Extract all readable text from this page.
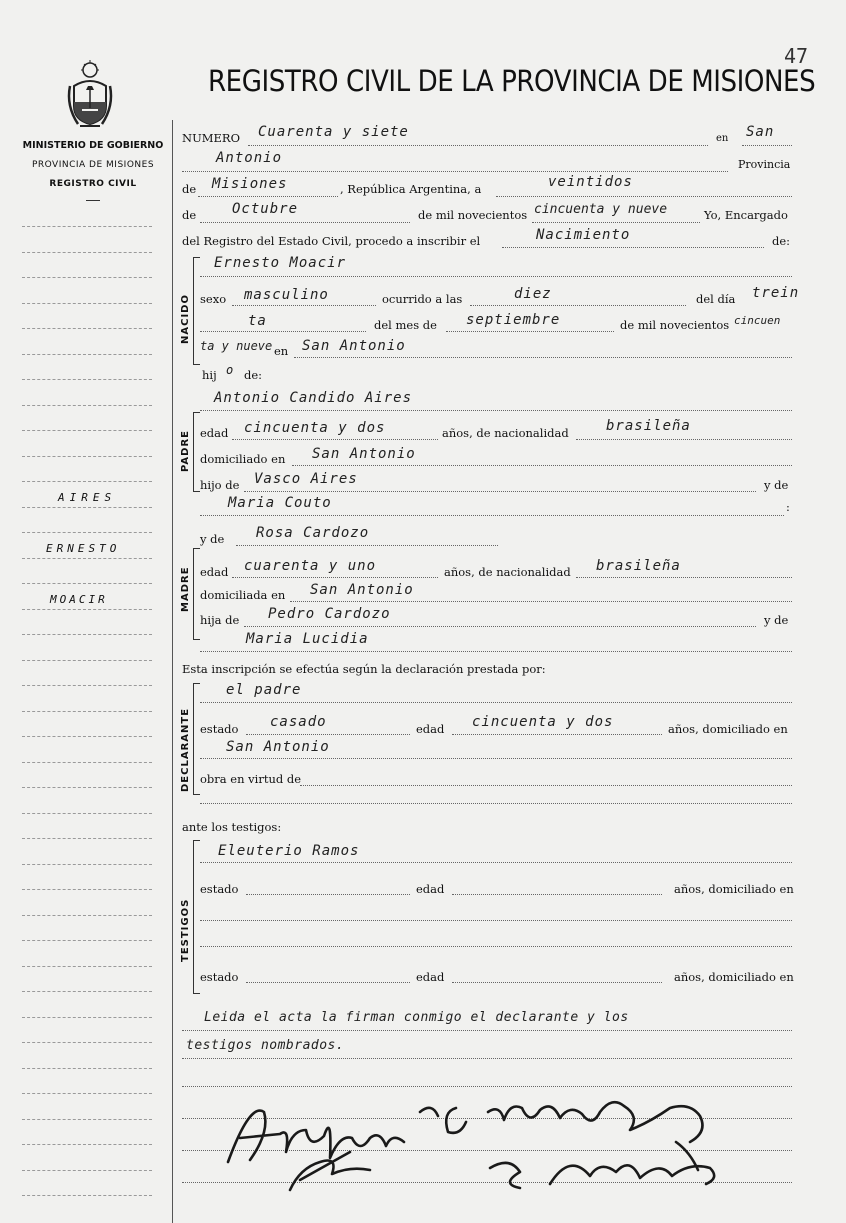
47
MINISTERIO DE GOBIERNO
PROVINCIA DE MISIONES
REGISTRO CIVIL
REGISTRO CIVIL DE LA PROVINCIA DE MISIONES
AIRES
ERNESTO
MOACIR
NUMERO Cuarenta y siete	en San
Antonio	Provincia
de Misiones	, República Argentina, a	veintidos
de	Octubre	de mil novecientos cincuenta y nueve	Yo, Encargado
del Registro del Estado Civil, procedo a inscribir el	Nacimiento	de:
NACIDO
Ernesto Moacir
sexo masculino	ocurrido a las	diez	del día trein
ta	del mes de septiembre	de mil novecientos cincuen
ta y nueve en San Antonio
hij o de:
PADRE
Antonio Candido Aires
edad cincuenta y dos	años, de nacionalidad	brasileña
domiciliado en San Antonio
hijo de Vasco Aires	y de
Maria Couto	:
MADRE
y de Rosa Cardozo
edad cuarenta y uno	años, de nacionalidad brasileña
domiciliada en San Antonio
hija de Pedro Cardozo	y de
Maria Lucidia
Esta inscripción se efectúa según la declaración prestada por:
DECLARANTE
el padre
estado casado	edad cincuenta y dos	años, domiciliado en
San Antonio
obra en virtud de
ante los testigos:
TESTIGOS
Eleuterio Ramos
estado	edad	años, domiciliado en
estado	edad	años, domiciliado en
Leida el acta la firman conmigo el declarante y los
testigos nombrados.
